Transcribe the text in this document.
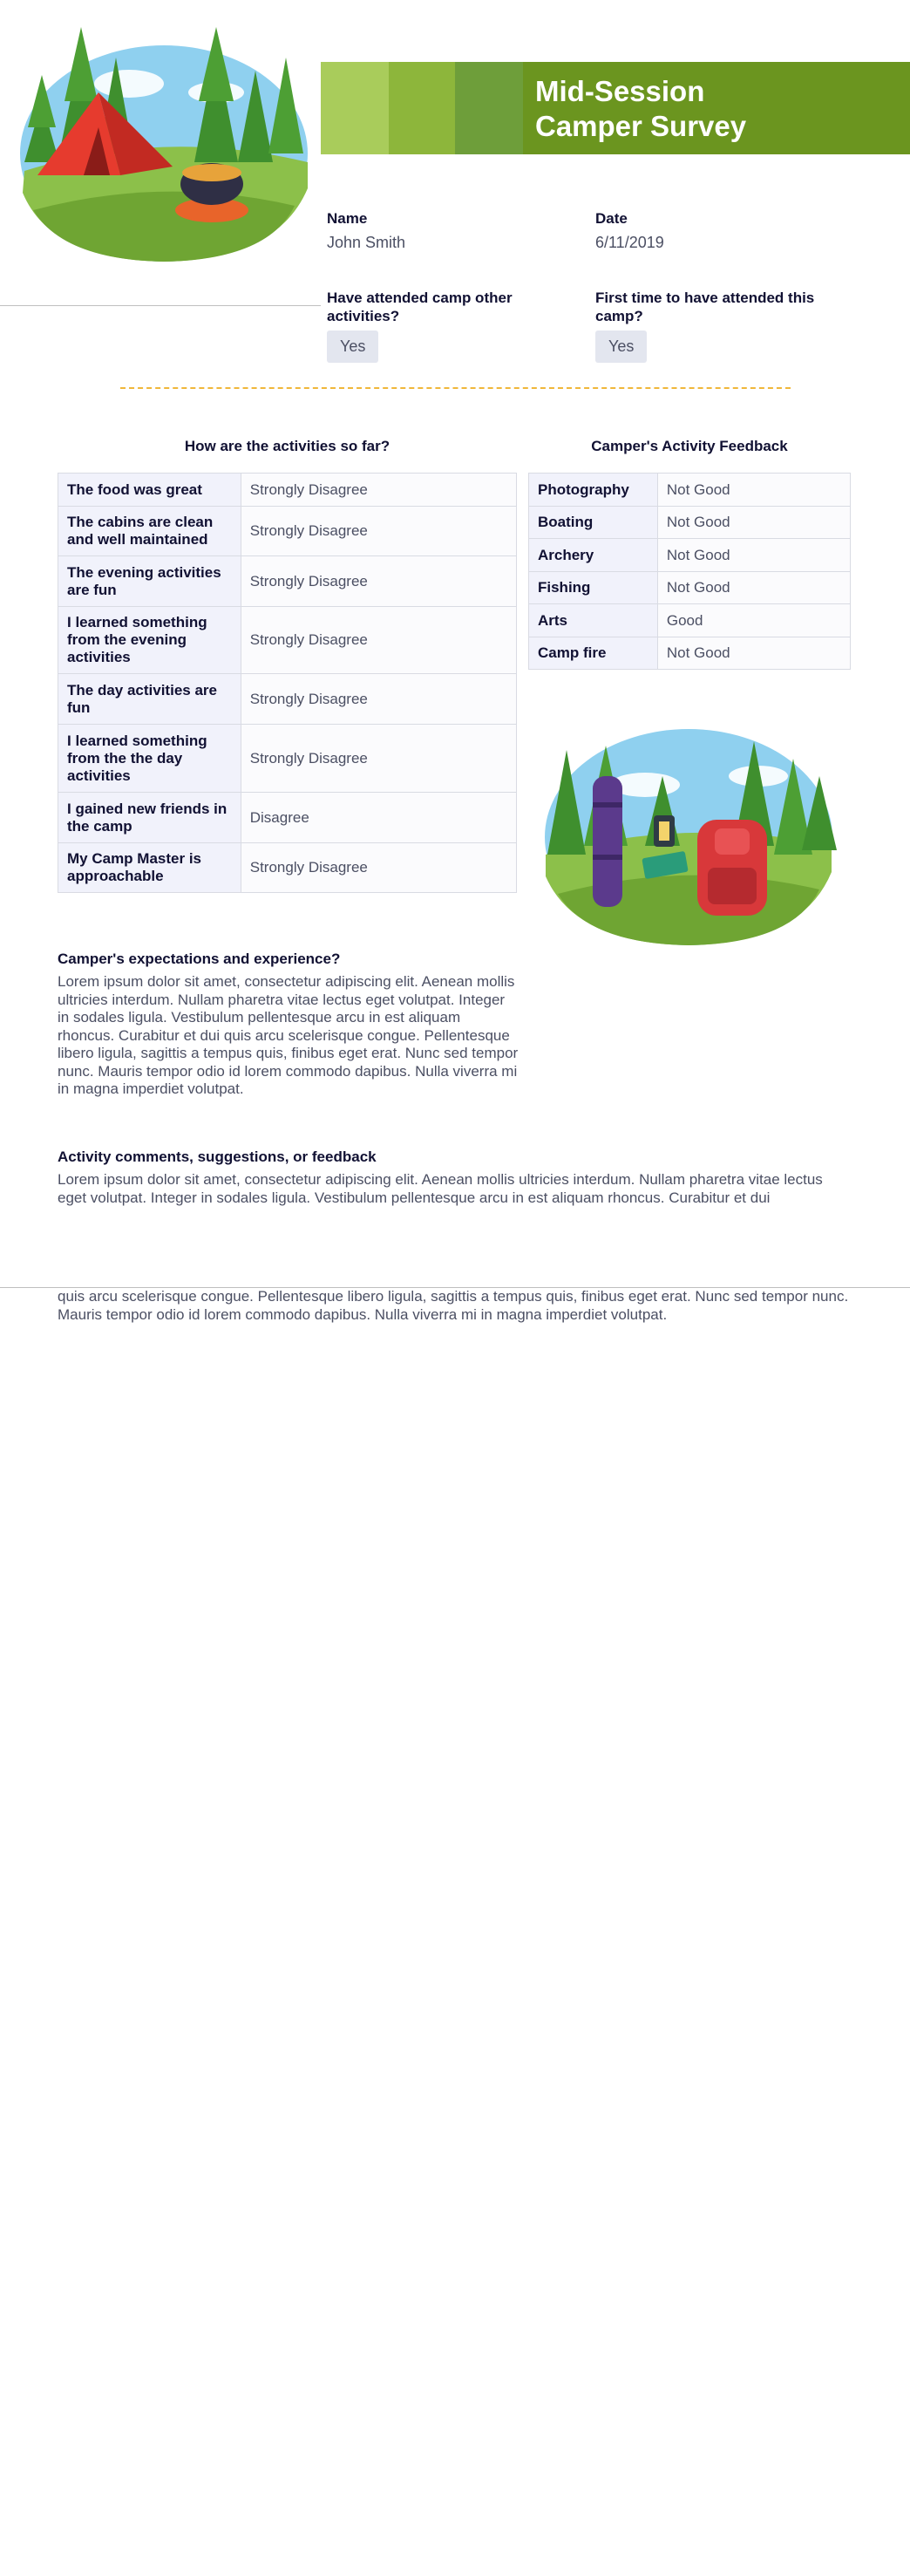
Mid-Session
Camper Survey
Name
John Smith
Date
6/11/2019
Have attended camp other activities?
Yes
First time to have attended this camp?
Yes
How are the activities so far?
The food was great	Strongly Disagree
The cabins are clean and well maintained	Strongly Disagree
The evening activities are fun	Strongly Disagree
I learned something from the evening activities	Strongly Disagree
The day activities are fun	Strongly Disagree
I learned something from the the day activities	Strongly Disagree
I gained new friends in the camp	Disagree
My Camp Master is approachable	Strongly Disagree
Camper's Activity Feedback
Photography	Not Good
Boating	Not Good
Archery	Not Good
Fishing	Not Good
Arts	Good
Camp fire	Not Good
Camper's expectations and experience?
Lorem ipsum dolor sit amet, consectetur adipiscing elit. Aenean mollis ultricies interdum. Nullam pharetra vitae lectus eget volutpat. Integer in sodales ligula. Vestibulum pellentesque arcu in est aliquam rhoncus. Curabitur et dui quis arcu scelerisque congue. Pellentesque libero ligula, sagittis a tempus quis, finibus eget erat. Nunc sed tempor nunc. Mauris tempor odio id lorem commodo dapibus. Nulla viverra mi in magna imperdiet volutpat.
Activity comments, suggestions, or feedback
Lorem ipsum dolor sit amet, consectetur adipiscing elit. Aenean mollis ultricies interdum. Nullam pharetra vitae lectus eget volutpat. Integer in sodales ligula. Vestibulum pellentesque arcu in est aliquam rhoncus. Curabitur et dui
quis arcu scelerisque congue. Pellentesque libero ligula, sagittis a tempus quis, finibus eget erat. Nunc sed tempor nunc. Mauris tempor odio id lorem commodo dapibus. Nulla viverra mi in magna imperdiet volutpat.
